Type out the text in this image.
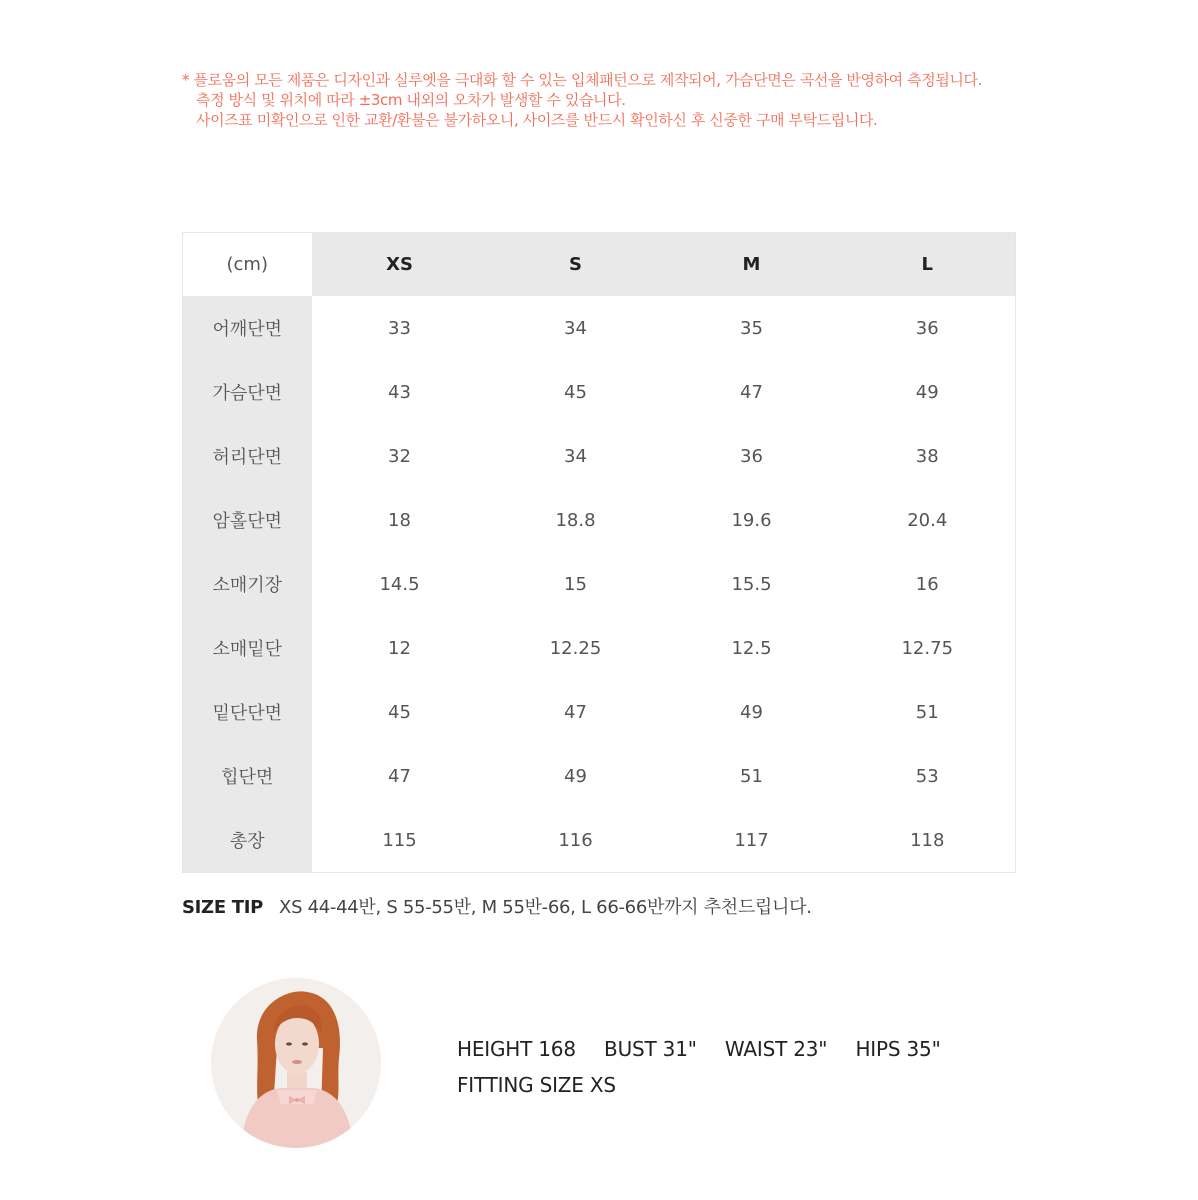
* 플로움의 모든 제품은 디자인과 실루엣을 극대화 할 수 있는 입체패턴으로 제작되어, 가슴단면은 곡선을 반영하여 측정됩니다.
측정 방식 및 위치에 따라 ±3cm 내외의 오차가 발생할 수 있습니다.
사이즈표 미확인으로 인한 교환/환불은 불가하오니, 사이즈를 반드시 확인하신 후 신중한 구매 부탁드립니다.
(cm)	XS	S	M	L
어깨단면	33	34	35	36
가슴단면	43	45	47	49
허리단면	32	34	36	38
암홀단면	18	18.8	19.6	20.4
소매기장	14.5	15	15.5	16
소매밑단	12	12.25	12.5	12.75
밑단단면	45	47	49	51
힙단면	47	49	51	53
총장	115	116	117	118
SIZE TIP XS 44-44반, S 55-55반, M 55반-66, L 66-66반까지 추천드립니다.
HEIGHT 168 BUST 31" WAIST 23" HIPS 35"
FITTING SIZE XS
